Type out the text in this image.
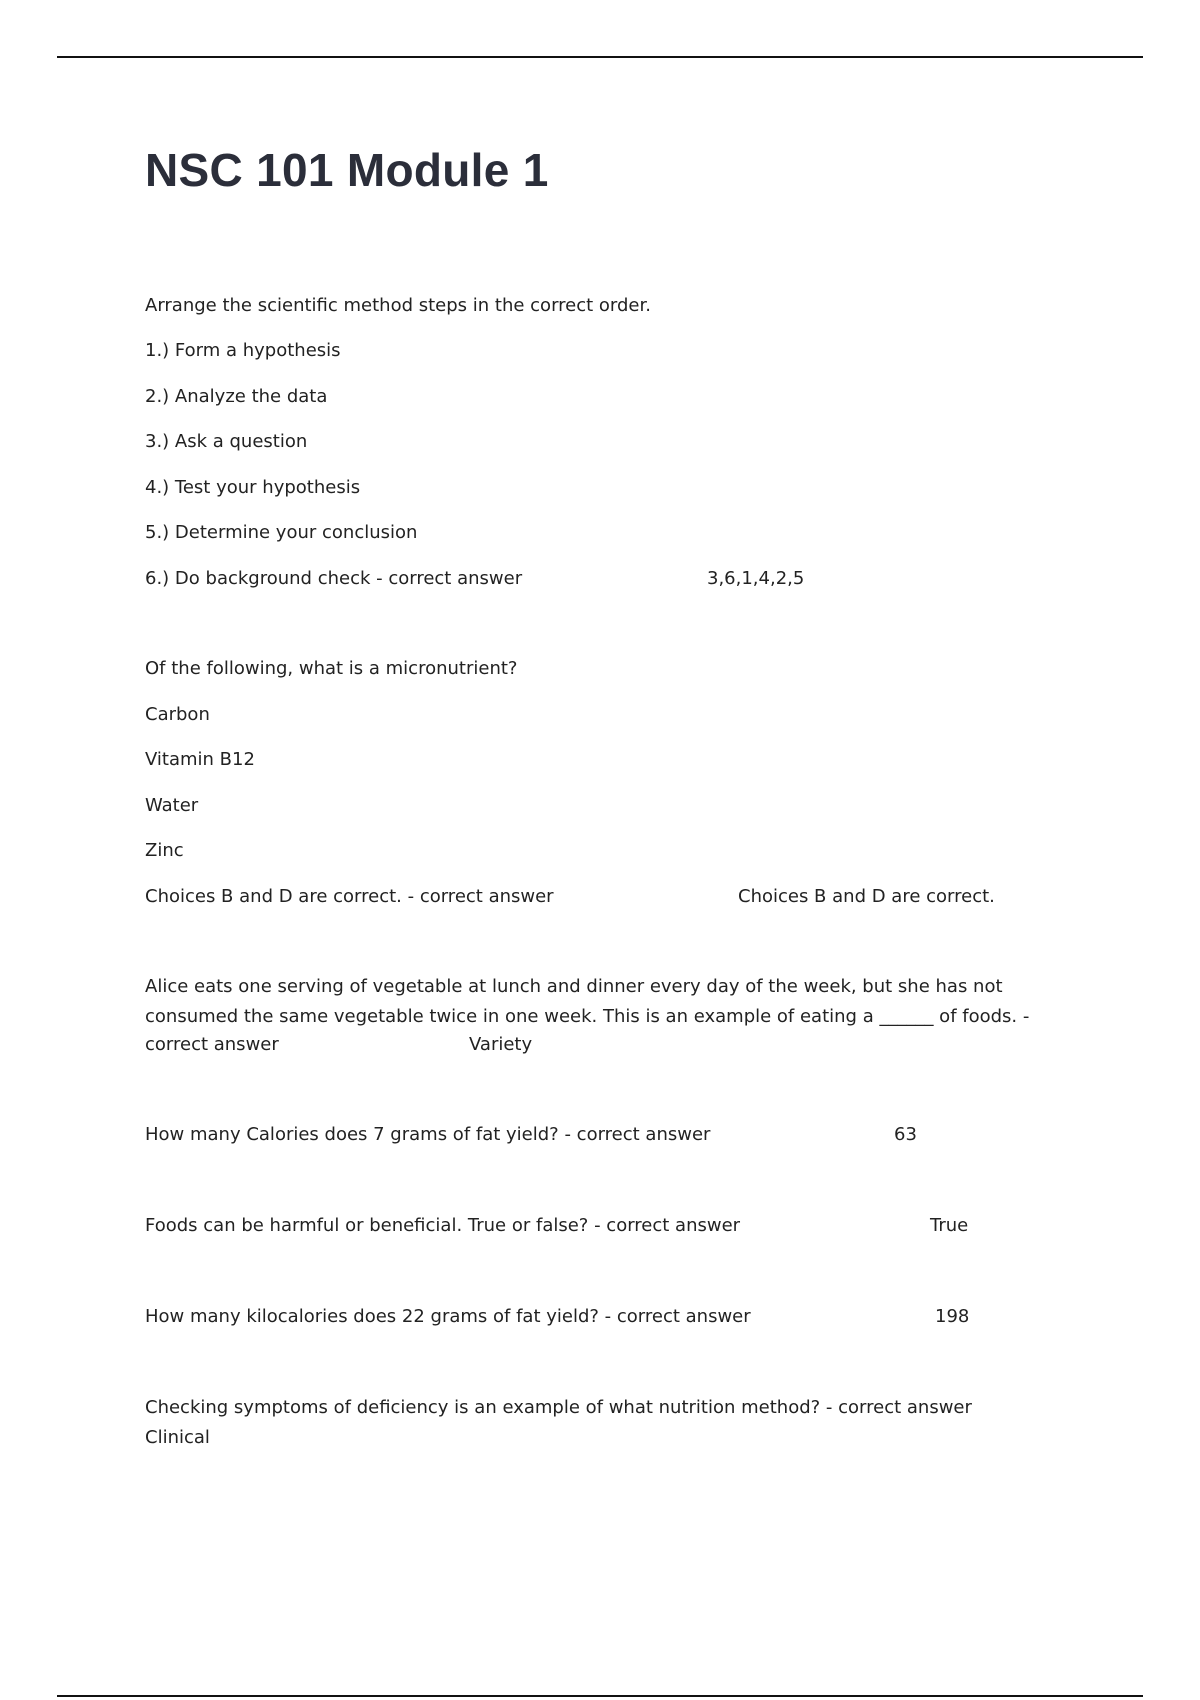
NSC 101 Module 1
Arrange the scientific method steps in the correct order.
1.) Form a hypothesis
2.) Analyze the data
3.) Ask a question
4.) Test your hypothesis
5.) Determine your conclusion
6.) Do background check - correct answer	3,6,1,4,2,5
Of the following, what is a micronutrient?
Carbon
Vitamin B12
Water
Zinc
Choices B and D are correct. - correct answer	Choices B and D are correct.
Alice eats one serving of vegetable at lunch and dinner every day of the week, but she has not
consumed the same vegetable twice in one week. This is an example of eating a ______ of foods. -
correct answer	Variety
How many Calories does 7 grams of fat yield? - correct answer	63
Foods can be harmful or beneficial. True or false? - correct answer	True
How many kilocalories does 22 grams of fat yield? - correct answer	198
Checking symptoms of deficiency is an example of what nutrition method? - correct answer
Clinical
